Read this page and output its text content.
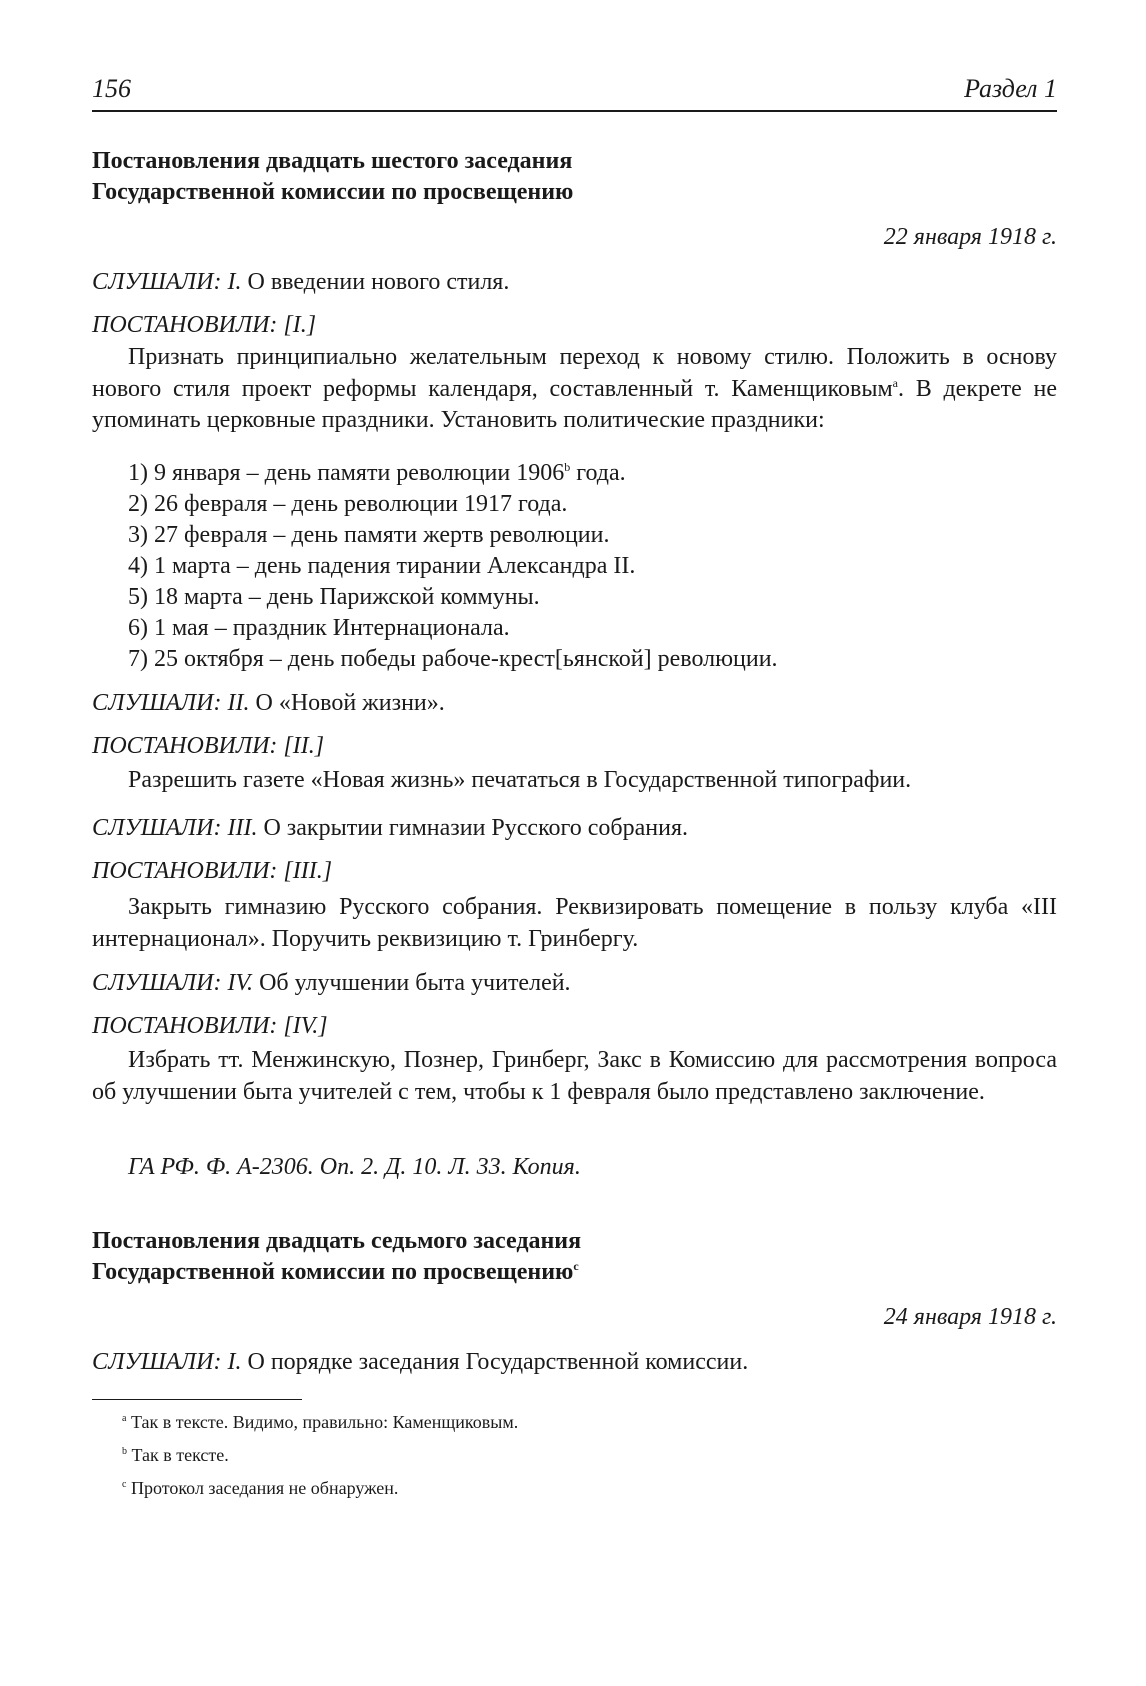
156	Раздел 1
Постановления двадцать шестого заседания
Государственной комиссии по просвещению
22 января 1918 г.
СЛУШАЛИ: I. О введении нового стиля.
ПОСТАНОВИЛИ: [I.]
Признать принципиально желательным переход к новому стилю. Положить в основу нового стиля проект реформы календаря, составленный т. Каменщиковым$^a$. В декрете не упоминать церковные праздники. Установить политические праздники:
1) 9 января – день памяти революции 1906$^b$ года.
2) 26 февраля – день революции 1917 года.
3) 27 февраля – день памяти жертв революции.
4) 1 марта – день падения тирании Александра II.
5) 18 марта – день Парижской коммуны.
6) 1 мая – праздник Интернационала.
7) 25 октября – день победы рабоче-крест[ьянской] революции.
СЛУШАЛИ: II. О «Новой жизни».
ПОСТАНОВИЛИ: [II.]
Разрешить газете «Новая жизнь» печататься в Государственной типографии.
СЛУШАЛИ: III. О закрытии гимназии Русского собрания.
ПОСТАНОВИЛИ: [III.]
Закрыть гимназию Русского собрания. Реквизировать помещение в пользу клуба «III интернационал». Поручить реквизицию т. Гринбергу.
СЛУШАЛИ: IV. Об улучшении быта учителей.
ПОСТАНОВИЛИ: [IV.]
Избрать тт. Менжинскую, Познер, Гринберг, Закс в Комиссию для рассмотрения вопроса об улучшении быта учителей с тем, чтобы к 1 февраля было представлено заключение.
ГА РФ. Ф. А-2306. Оп. 2. Д. 10. Л. 33. Копия.
Постановления двадцать седьмого заседания
Государственной комиссии по просвещению$^c$
24 января 1918 г.
СЛУШАЛИ: I. О порядке заседания Государственной комиссии.
$^a$ Так в тексте. Видимо, правильно: Каменщиковым.
$^b$ Так в тексте.
$^c$ Протокол заседания не обнаружен.
